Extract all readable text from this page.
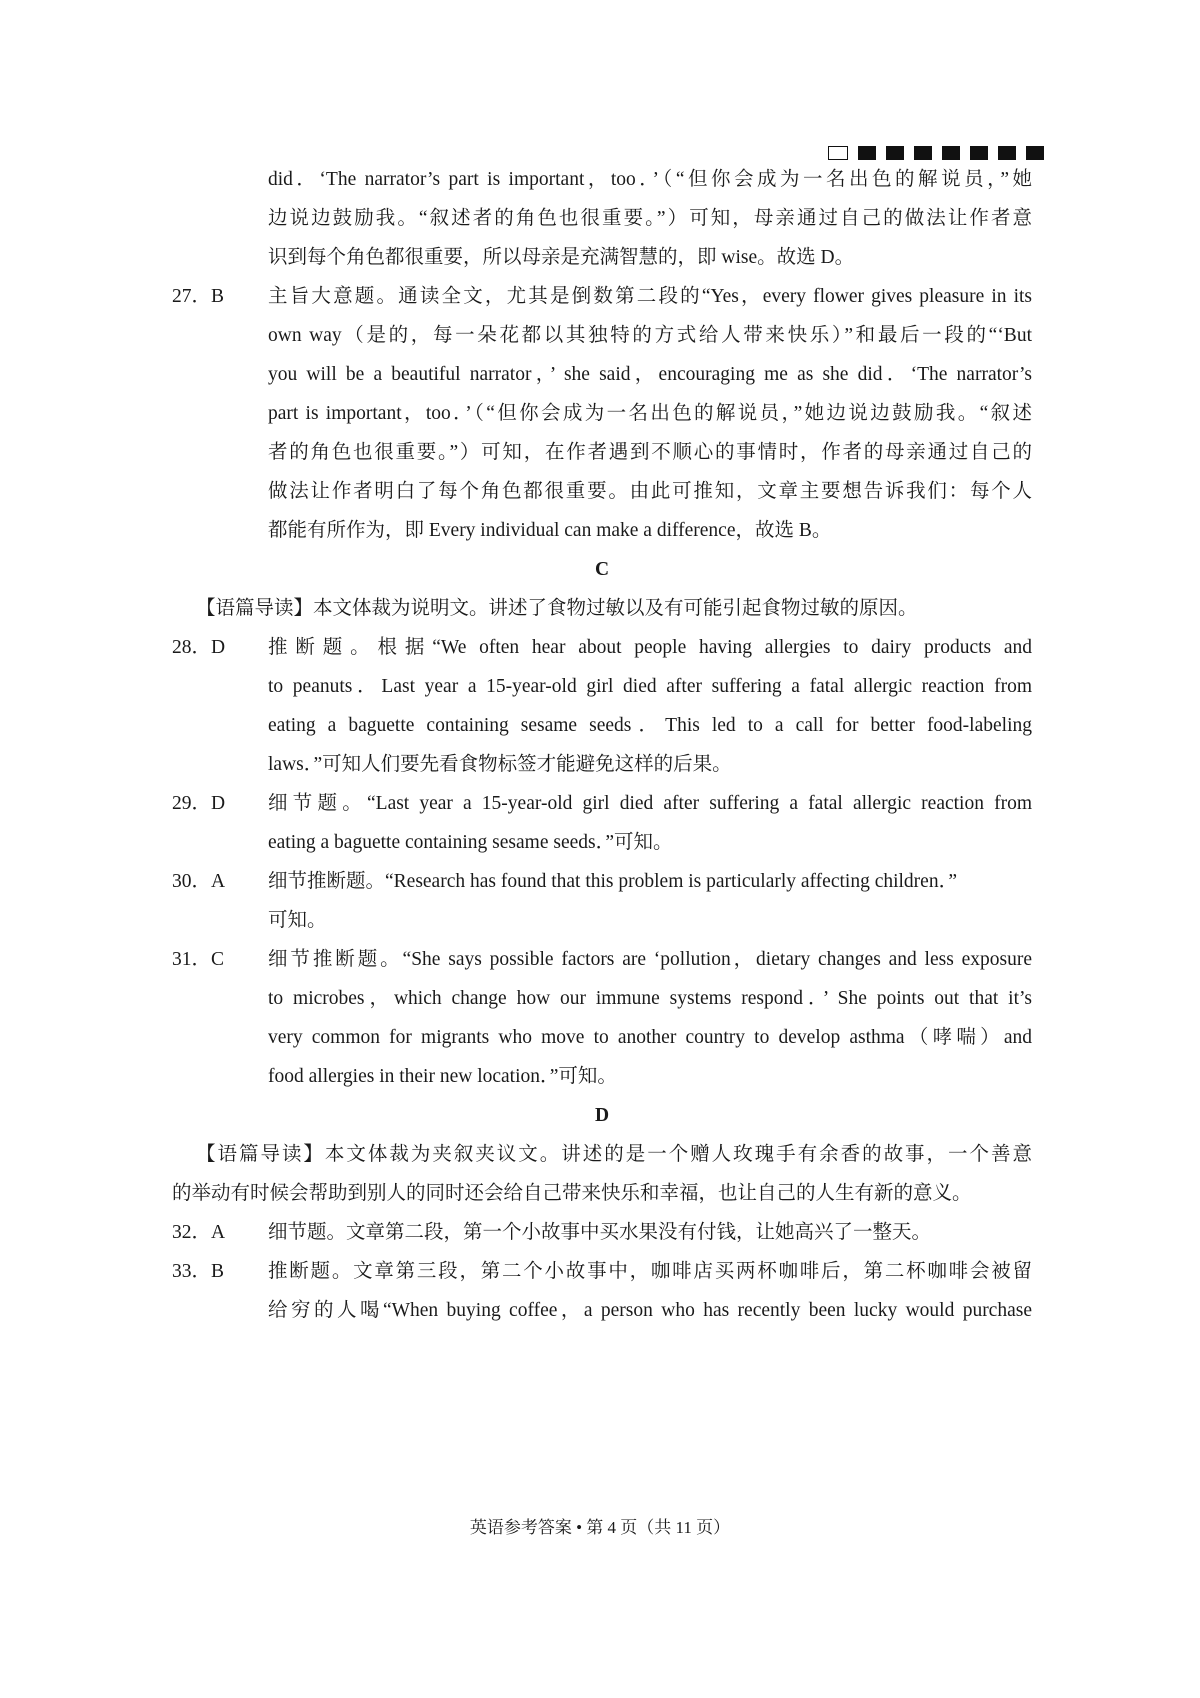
did．‘The narrator’s part is important，too．’（“但你会成为一名出色的解说员，”她
边说边鼓励我。“叙述者的角色也很重要。”）可知，母亲通过自己的做法让作者意
识到每个角色都很重要，所以母亲是充满智慧的，即 wise。故选 D。
27．B	主旨大意题。通读全文，尤其是倒数第二段的“Yes，every flower gives pleasure in its
own way（是的，每一朵花都以其独特的方式给人带来快乐）”和最后一段的“‘But
you will be a beautiful narrator，’ she said，encouraging me as she did．‘The narrator’s
part is important，too．’（“但你会成为一名出色的解说员，”她边说边鼓励我。“叙述
者的角色也很重要。”）可知，在作者遇到不顺心的事情时，作者的母亲通过自己的
做法让作者明白了每个角色都很重要。由此可推知，文章主要想告诉我们：每个人
都能有所作为，即 Every individual can make a difference，故选 B。
C
【语篇导读】本文体裁为说明文。讲述了食物过敏以及有可能引起食物过敏的原因。
28．D	推断题。根据“We often hear about people having allergies to dairy products and
to peanuts．Last year a 15-year-old girl died after suffering a fatal allergic reaction from
eating a baguette containing sesame seeds．This led to a call for better food-labeling
laws．”可知人们要先看食物标签才能避免这样的后果。
29．D	细节题。“Last year a 15-year-old girl died after suffering a fatal allergic reaction from
eating a baguette containing sesame seeds．”可知。
30．A	细节推断题。“Research has found that this problem is particularly affecting children．”
可知。
31．C	细节推断题。“She says possible factors are ‘pollution，dietary changes and less exposure
to microbes，which change how our immune systems respond．’ She points out that it’s
very common for migrants who move to another country to develop asthma（哮喘）and
food allergies in their new location．”可知。
D
【语篇导读】本文体裁为夹叙夹议文。讲述的是一个赠人玫瑰手有余香的故事，一个善意
的举动有时候会帮助到别人的同时还会给自己带来快乐和幸福，也让自己的人生有新的意义。
32．A	细节题。文章第二段，第一个小故事中买水果没有付钱，让她高兴了一整天。
33．B	推断题。文章第三段，第二个小故事中，咖啡店买两杯咖啡后，第二杯咖啡会被留
给穷的人喝“When buying coffee，a person who has recently been lucky would purchase
英语参考答案 • 第 4 页（共 11 页）
